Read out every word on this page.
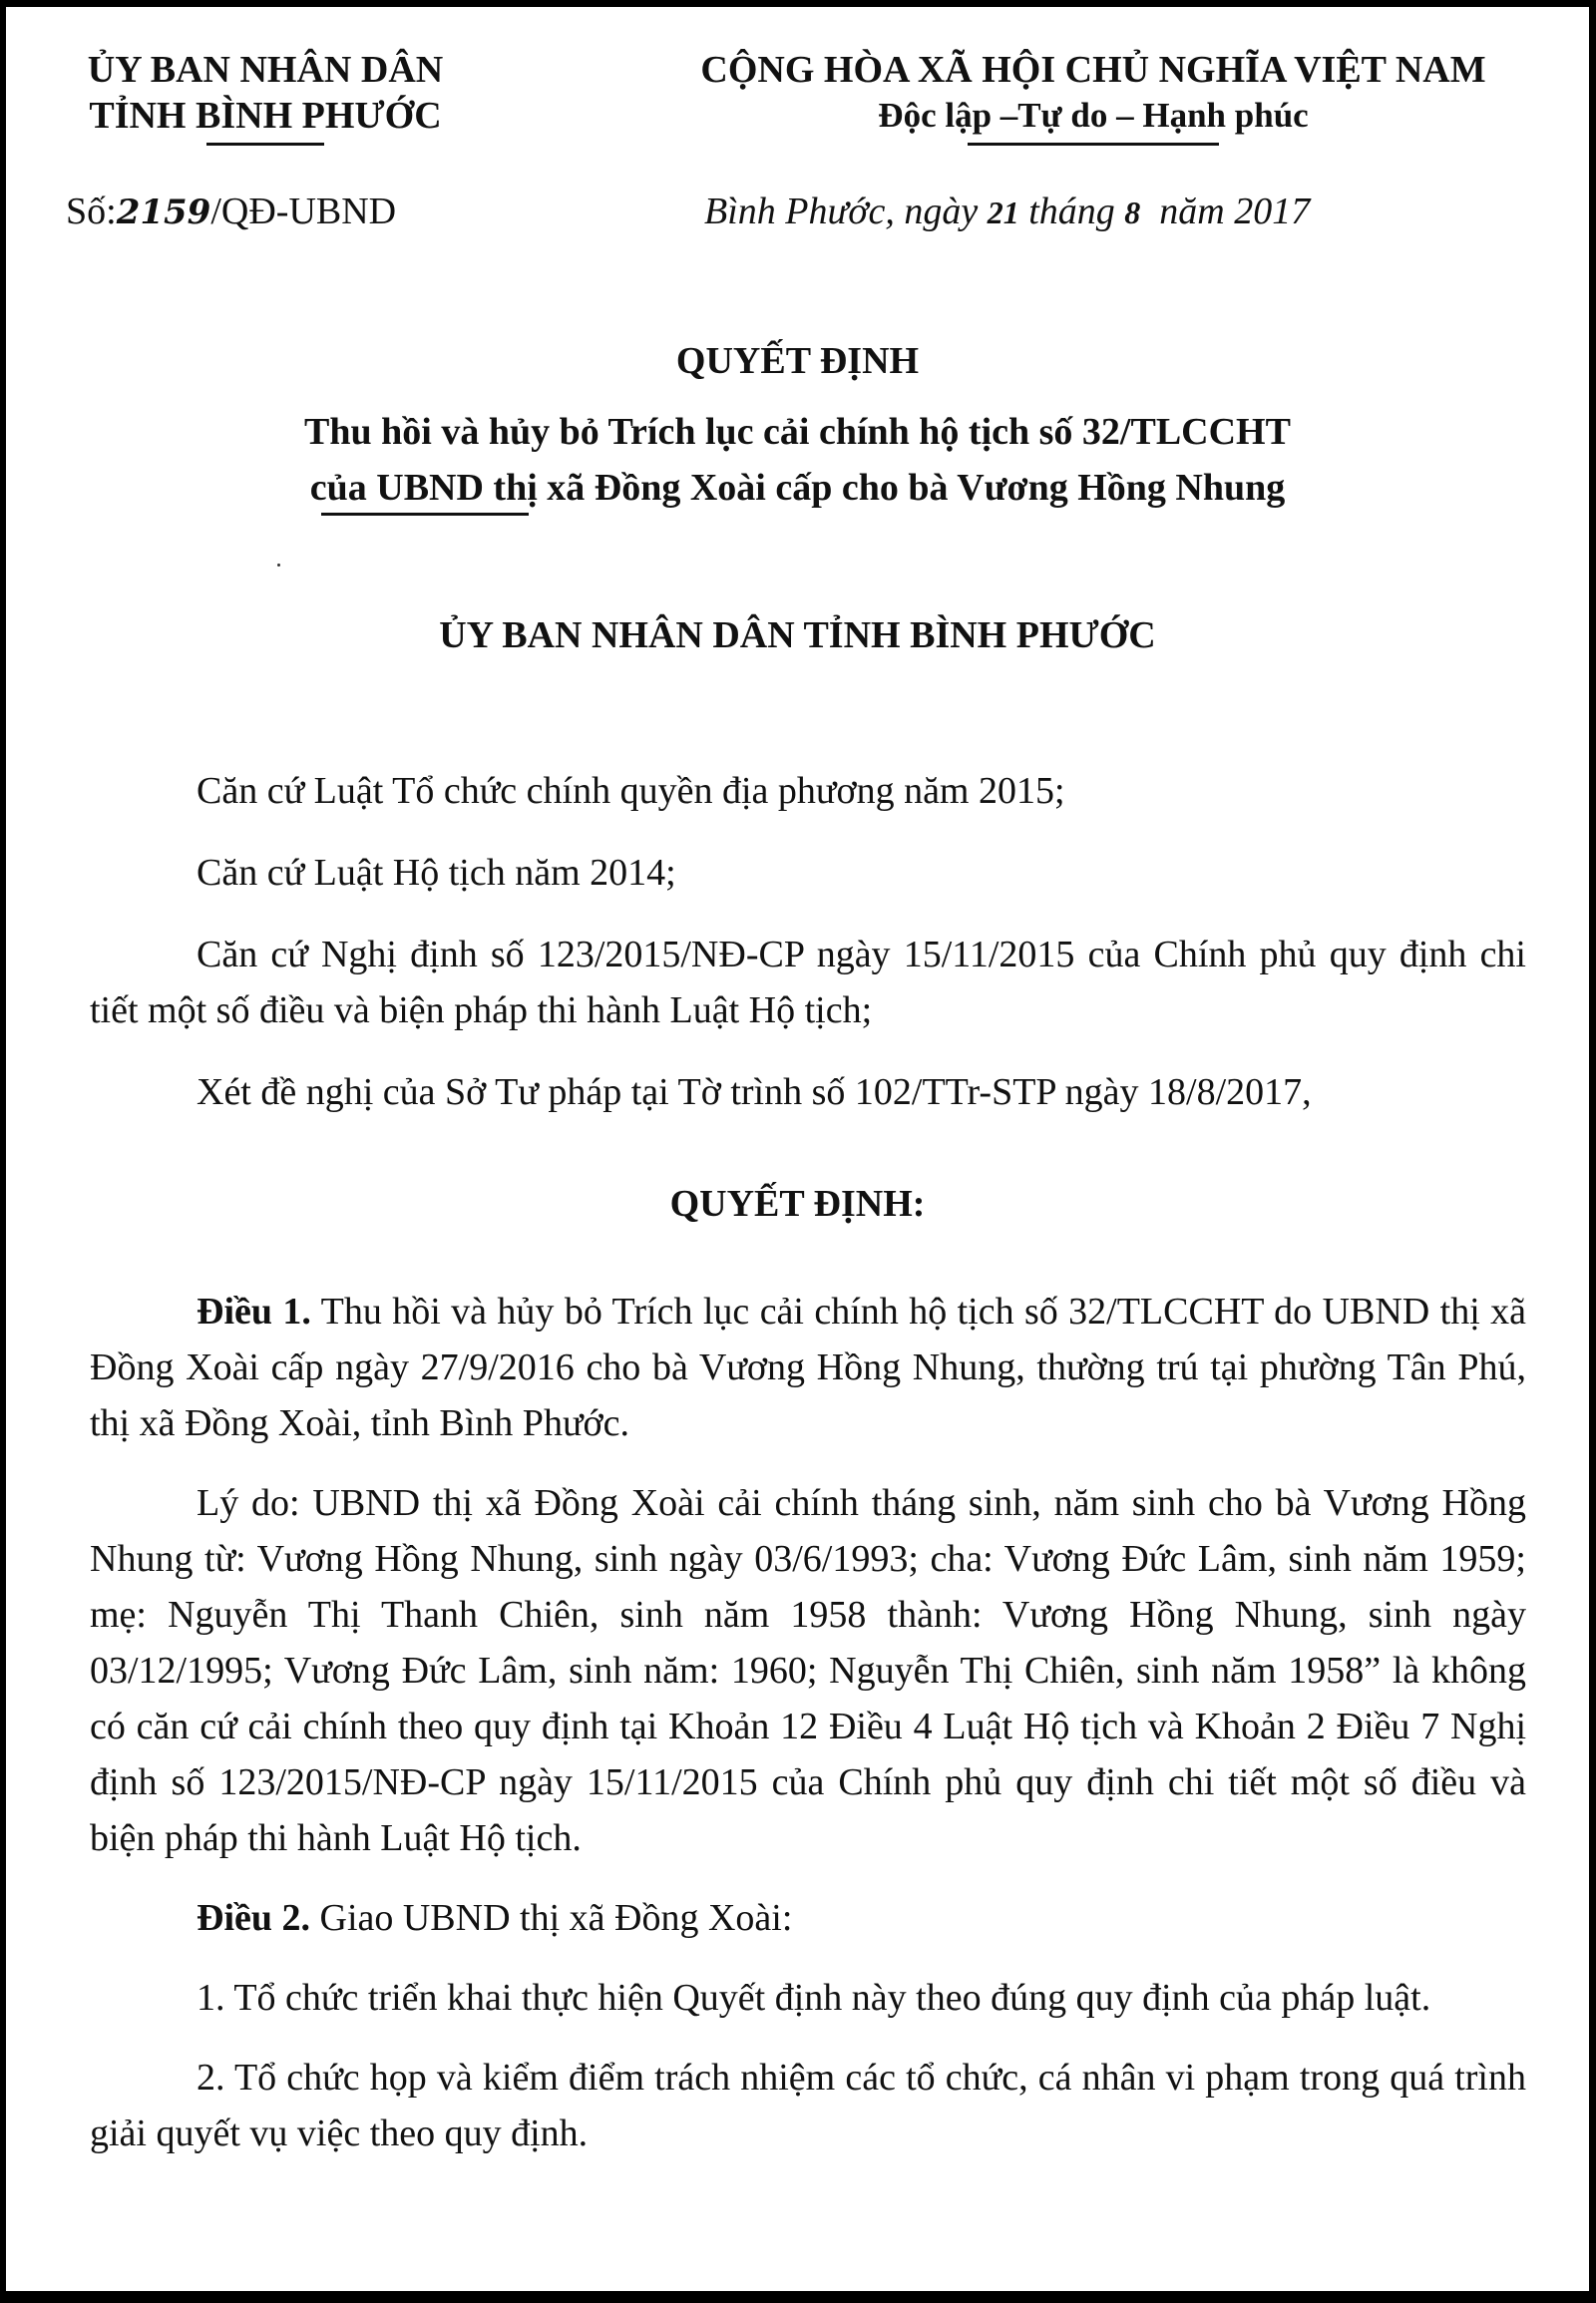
ỦY BAN NHÂN DÂN
TỈNH BÌNH PHƯỚC
CỘNG HÒA XÃ HỘI CHỦ NGHĨA VIỆT NAM
Độc lập –Tự do – Hạnh phúc
Số:2159/QĐ-UBND	Bình Phước, ngày 21 tháng 8 năm 2017
QUYẾT ĐỊNH
Thu hồi và hủy bỏ Trích lục cải chính hộ tịch số 32/TLCCHT
của UBND thị xã Đồng Xoài cấp cho bà Vương Hồng Nhung
ỦY BAN NHÂN DÂN TỈNH BÌNH PHƯỚC

Căn cứ Luật Tổ chức chính quyền địa phương năm 2015;

Căn cứ Luật Hộ tịch năm 2014;

Căn cứ Nghị định số 123/2015/NĐ-CP ngày 15/11/2015 của Chính phủ quy định chi tiết một số điều và biện pháp thi hành Luật Hộ tịch;

Xét đề nghị của Sở Tư pháp tại Tờ trình số 102/TTr-STP ngày 18/8/2017,

QUYẾT ĐỊNH:

Điều 1. Thu hồi và hủy bỏ Trích lục cải chính hộ tịch số 32/TLCCHT do UBND thị xã Đồng Xoài cấp ngày 27/9/2016 cho bà Vương Hồng Nhung, thường trú tại phường Tân Phú, thị xã Đồng Xoài, tỉnh Bình Phước.

Lý do: UBND thị xã Đồng Xoài cải chính tháng sinh, năm sinh cho bà Vương Hồng Nhung từ: Vương Hồng Nhung, sinh ngày 03/6/1993; cha: Vương Đức Lâm, sinh năm 1959; mẹ: Nguyễn Thị Thanh Chiên, sinh năm 1958 thành: Vương Hồng Nhung, sinh ngày 03/12/1995; Vương Đức Lâm, sinh năm: 1960; Nguyễn Thị Chiên, sinh năm 1958” là không có căn cứ cải chính theo quy định tại Khoản 12 Điều 4 Luật Hộ tịch và Khoản 2 Điều 7 Nghị định số 123/2015/NĐ-CP ngày 15/11/2015 của Chính phủ quy định chi tiết một số điều và biện pháp thi hành Luật Hộ tịch.

Điều 2. Giao UBND thị xã Đồng Xoài:

1. Tổ chức triển khai thực hiện Quyết định này theo đúng quy định của pháp luật.

2. Tổ chức họp và kiểm điểm trách nhiệm các tổ chức, cá nhân vi phạm trong quá trình giải quyết vụ việc theo quy định.
